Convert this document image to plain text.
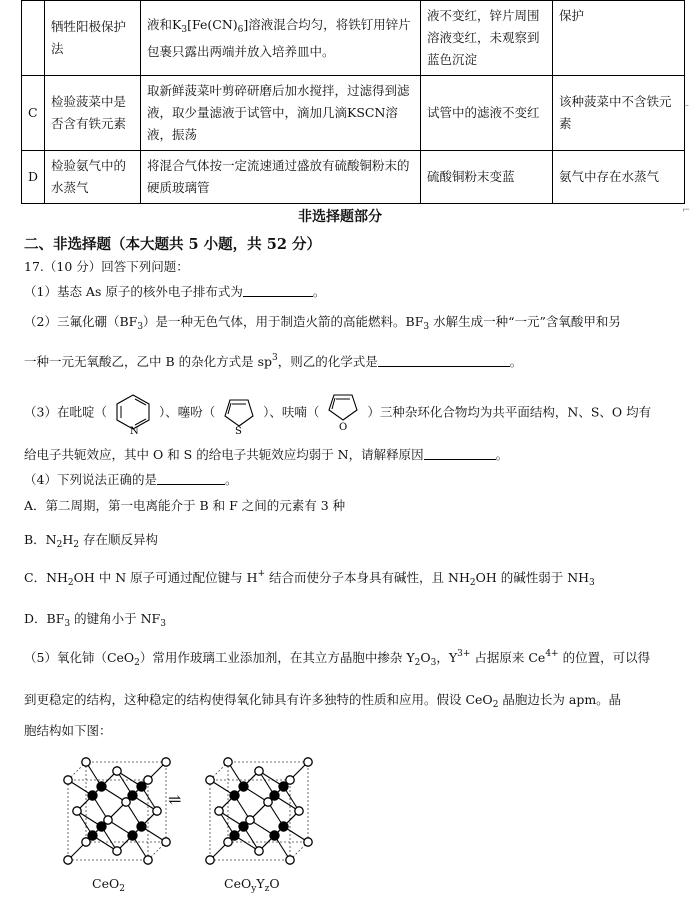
	牺牲阳极保护法	液和$K_3[Fe(CN)_6]$溶液混合均匀，将铁钉用锌片包裹只露出两端并放入培养皿中。	液不变红，锌片周围溶液变红，未观察到蓝色沉淀	保护
C	检验菠菜中是否含有铁元素	取新鲜菠菜叶剪碎研磨后加水搅拌，过滤得到滤液，取少量滤液于试管中，滴加几滴KSCN溶液，振荡	试管中的滤液不变红	该种菠菜中不含铁元素
D	检验氨气中的水蒸气	将混合气体按一定流速通过盛放有硫酸铜粉末的硬质玻璃管	硫酸铜粉末变蓝	氨气中存在水蒸气
–
⌐
非选择题部分
二、非选择题（本大题共 5 小题，共 52 分）
17.（10 分）回答下列问题：
（1）基态 As 原子的核外电子排布式为	。
（2）三氟化硼$(BF_3)$是一种无色气体，用于制造火箭的高能燃料。$BF_3$ 水解生成一种“一元”含氧酸甲和另
一种一元无氧酸乙，乙中 B 的杂化方式是 $sp^3$，则乙的化学式是	。
（3）在吡啶（
N
）、噻吩（
S
）、呋喃（
O
）三种杂环化合物均为共平面结构，N、S、O 均有
给电子共轭效应，其中 O 和 S 的给电子共轭效应均弱于 N，请解释原因	。
（4）下列说法正确的是	。
A．第二周期，第一电离能介于 B 和 F 之间的元素有 3 种
B．$N_2H_2$ 存在顺反异构
C．$NH_2OH$ 中 N 原子可通过配位键与 H+ 结合而使分子本身具有碱性，且 $NH_2OH$ 的碱性弱于 $NH_3$
D．$BF_3$ 的键角小于 $NF_3$
（5）氧化铈（CeO$_2$）常用作玻璃工业添加剂，在其立方晶胞中掺杂 $Y_2O_3$，$Y^{3+}$ 占据原来 $Ce^{4+}$ 的位置，可以得
到更稳定的结构，这种稳定的结构使得氧化铈具有许多独特的性质和应用。假设 CeO$_2$ 晶胞边长为 apm。晶
胞结构如下图：
⇌
CeO$_2$	$CeO_yY_zO$
